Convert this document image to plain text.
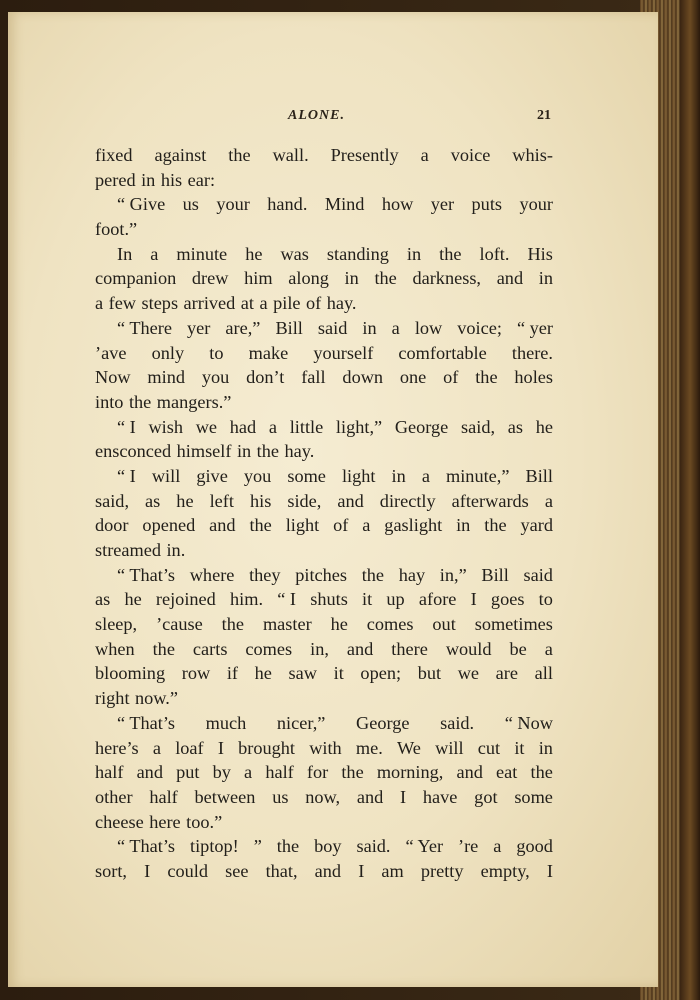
ALONE.	21
fixed against the wall. Presently a voice whis-
pered in his ear:
“ Give us your hand. Mind how yer puts your
foot.”
In a minute he was standing in the loft. His
companion drew him along in the darkness, and in
a few steps arrived at a pile of hay.
“ There yer are,” Bill said in a low voice; “ yer
’ave only to make yourself comfortable there.
Now mind you don’t fall down one of the holes
into the mangers.”
“ I wish we had a little light,” George said, as he
ensconced himself in the hay.
“ I will give you some light in a minute,” Bill
said, as he left his side, and directly afterwards a
door opened and the light of a gaslight in the yard
streamed in.
“ That’s where they pitches the hay in,” Bill said
as he rejoined him. “ I shuts it up afore I goes to
sleep, ’cause the master he comes out sometimes
when the carts comes in, and there would be a
blooming row if he saw it open; but we are all
right now.”
“ That’s much nicer,” George said. “ Now
here’s a loaf I brought with me. We will cut it in
half and put by a half for the morning, and eat the
other half between us now, and I have got some
cheese here too.”
“ That’s tiptop! ” the boy said. “ Yer ’re a good
sort, I could see that, and I am pretty empty, I
